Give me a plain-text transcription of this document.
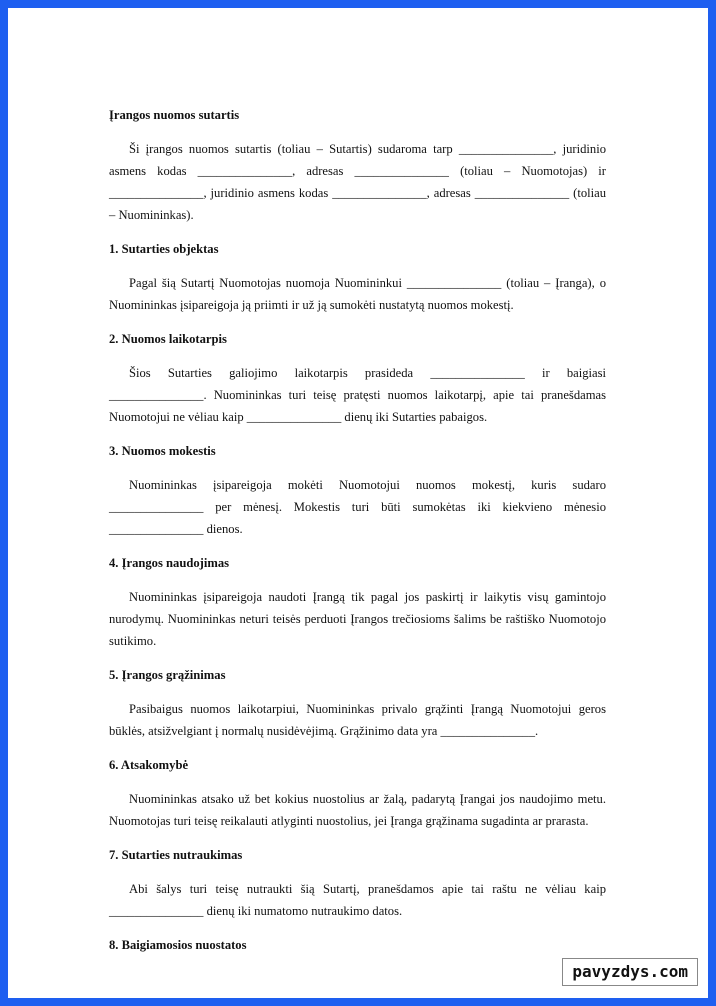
Įrangos nuomos sutartis

Ši įrangos nuomos sutartis (toliau – Sutartis) sudaroma tarp _______________, juridinio asmens kodas _______________, adresas _______________ (toliau – Nuomotojas) ir _______________, juridinio asmens kodas _______________, adresas _______________ (toliau – Nuomininkas).

1. Sutarties objektas

Pagal šią Sutartį Nuomotojas nuomoja Nuomininkui _______________ (toliau – Įranga), o Nuomininkas įsipareigoja ją priimti ir už ją sumokėti nustatytą nuomos mokestį.

2. Nuomos laikotarpis

Šios Sutarties galiojimo laikotarpis prasideda _______________ ir baigiasi _______________. Nuomininkas turi teisę pratęsti nuomos laikotarpį, apie tai pranešdamas Nuomotojui ne vėliau kaip _______________ dienų iki Sutarties pabaigos.

3. Nuomos mokestis

Nuomininkas įsipareigoja mokėti Nuomotojui nuomos mokestį, kuris sudaro _______________ per mėnesį. Mokestis turi būti sumokėtas iki kiekvieno mėnesio _______________ dienos.

4. Įrangos naudojimas

Nuomininkas įsipareigoja naudoti Įrangą tik pagal jos paskirtį ir laikytis visų gamintojo nurodymų. Nuomininkas neturi teisės perduoti Įrangos trečiosioms šalims be raštiško Nuomotojo sutikimo.

5. Įrangos grąžinimas

Pasibaigus nuomos laikotarpiui, Nuomininkas privalo grąžinti Įrangą Nuomotojui geros būklės, atsižvelgiant į normalų nusidėvėjimą. Grąžinimo data yra _______________.

6. Atsakomybė

Nuomininkas atsako už bet kokius nuostolius ar žalą, padarytą Įrangai jos naudojimo metu. Nuomotojas turi teisę reikalauti atlyginti nuostolius, jei Įranga grąžinama sugadinta ar prarasta.

7. Sutarties nutraukimas

Abi šalys turi teisę nutraukti šią Sutartį, pranešdamos apie tai raštu ne vėliau kaip _______________ dienų iki numatomo nutraukimo datos.

8. Baigiamosios nuostatos
pavyzdys.com
